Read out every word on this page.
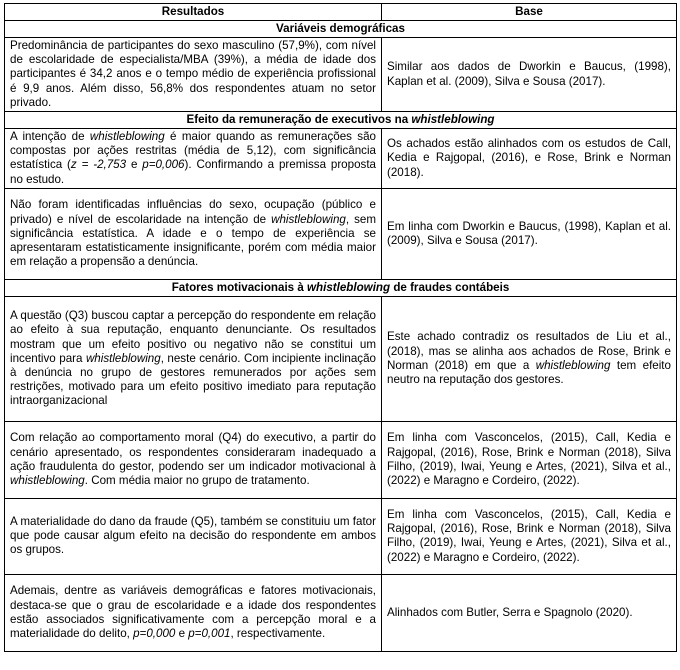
Resultados	Base
Variáveis demográficas	
Predominância de participantes do sexo masculino (57,9%), com nível de escolaridade de especialista/MBA (39%), a média de idade dos participantes é 34,2 anos e o tempo médio de experiência profissional é 9,9 anos. Além disso, 56,8% dos respondentes atuam no setor privado.	Similar aos dados de Dworkin e Baucus, (1998), Kaplan et al. (2009), Silva e Sousa (2017).
Efeito da remuneração de executivos na whistleblowing	
A intenção de whistleblowing é maior quando as remunerações são compostas por ações restritas (média de 5,12), com significância estatística (z = -2,753 e p=0,006). Confirmando a premissa proposta no estudo.	Os achados estão alinhados com os estudos de Call, Kedia e Rajgopal, (2016), e Rose, Brink e Norman (2018).
Não foram identificadas influências do sexo, ocupação (público e privado) e nível de escolaridade na intenção de whistleblowing, sem significância estatística. A idade e o tempo de experiência se apresentaram estatisticamente insignificante, porém com média maior em relação a propensão a denúncia.	Em linha com Dworkin e Baucus, (1998), Kaplan et al. (2009), Silva e Sousa (2017).
Fatores motivacionais à whistleblowing de fraudes contábeis	
A questão (Q3) buscou captar a percepção do respondente em relação ao efeito à sua reputação, enquanto denunciante. Os resultados mostram que um efeito positivo ou negativo não se constitui um incentivo para whistleblowing, neste cenário. Com incipiente inclinação à denúncia no grupo de gestores remunerados por ações sem restrições, motivado para um efeito positivo imediato para reputação intraorganizacional	Este achado contradiz os resultados de Liu et al., (2018), mas se alinha aos achados de Rose, Brink e Norman (2018) em que a whistleblowing tem efeito neutro na reputação dos gestores.
Com relação ao comportamento moral (Q4) do executivo, a partir do cenário apresentado, os respondentes consideraram inadequado a ação fraudulenta do gestor, podendo ser um indicador motivacional à whistleblowing. Com média maior no grupo de tratamento.	Em linha com Vasconcelos, (2015), Call, Kedia e Rajgopal, (2016), Rose, Brink e Norman (2018), Silva Filho, (2019), Iwai, Yeung e Artes, (2021), Silva et al., (2022) e Maragno e Cordeiro, (2022).
A materialidade do dano da fraude (Q5), também se constituiu um fator que pode causar algum efeito na decisão do respondente em ambos os grupos.	Em linha com Vasconcelos, (2015), Call, Kedia e Rajgopal, (2016), Rose, Brink e Norman (2018), Silva Filho, (2019), Iwai, Yeung e Artes, (2021), Silva et al., (2022) e Maragno e Cordeiro, (2022).
Ademais, dentre as variáveis demográficas e fatores motivacionais, destaca-se que o grau de escolaridade e a idade dos respondentes estão associados significativamente com a percepção moral e a materialidade do delito, p=0,000 e p=0,001, respectivamente.	Alinhados com Butler, Serra e Spagnolo (2020).
